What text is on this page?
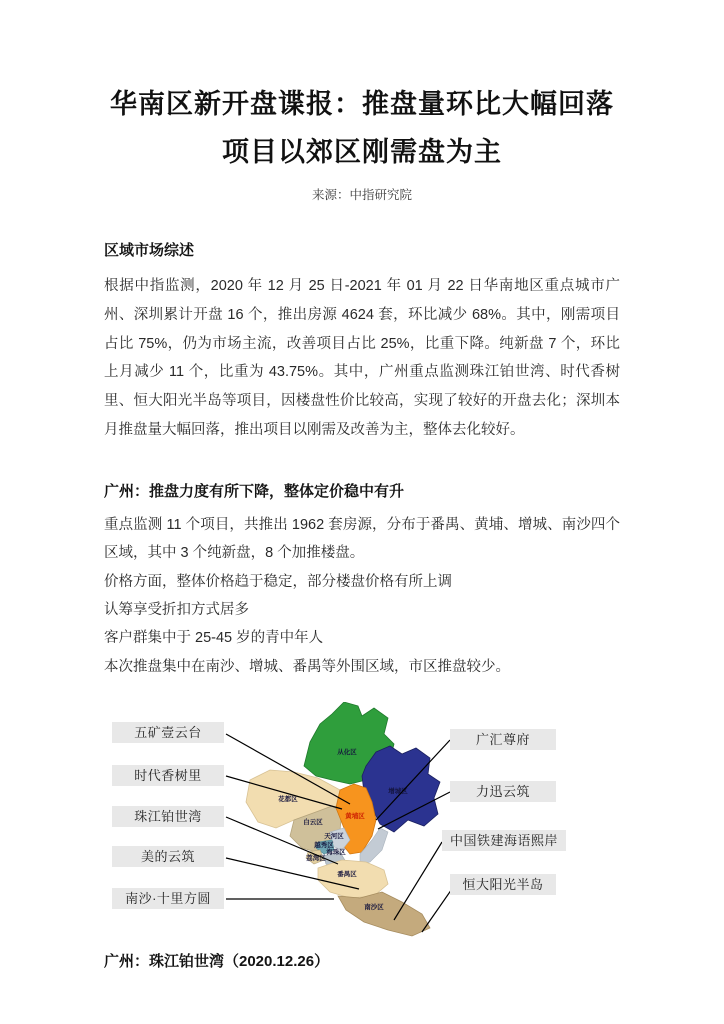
华南区新开盘谍报：推盘量环比大幅回落
项目以郊区刚需盘为主
来源：中指研究院
区域市场综述

根据中指监测，2020 年 12 月 25 日-2021 年 01 月 22 日华南地区重点城市广州、深圳累计开盘 16 个，推出房源 4624 套，环比减少 68%。其中，刚需项目占比 75%，仍为市场主流，改善项目占比 25%，比重下降。纯新盘 7 个，环比上月减少 11 个，比重为 43.75%。其中，广州重点监测珠江铂世湾、时代香树里、恒大阳光半岛等项目，因楼盘性价比较高，实现了较好的开盘去化；深圳本月推盘量大幅回落，推出项目以刚需及改善为主，整体去化较好。

广州：推盘力度有所下降，整体定价稳中有升

重点监测 11 个项目，共推出 1962 套房源，分布于番禺、黄埔、增城、南沙四个区域，其中 3 个纯新盘，8 个加推楼盘。

价格方面，整体价格趋于稳定，部分楼盘价格有所上调

认筹享受折扣方式居多

客户群集中于 25-45 岁的青中年人

本次推盘集中在南沙、增城、番禺等外围区域，市区推盘较少。

从化区
增城区
花都区
白云区
黄埔区
天河区
越秀区
荔湾区
海珠区
番禺区
南沙区
五矿壹云台
时代香树里
珠江铂世湾
美的云筑
南沙·十里方圆
广汇尊府
力迅云筑
中国铁建海语熙岸
恒大阳光半岛
广州：珠江铂世湾（2020.12.26）
